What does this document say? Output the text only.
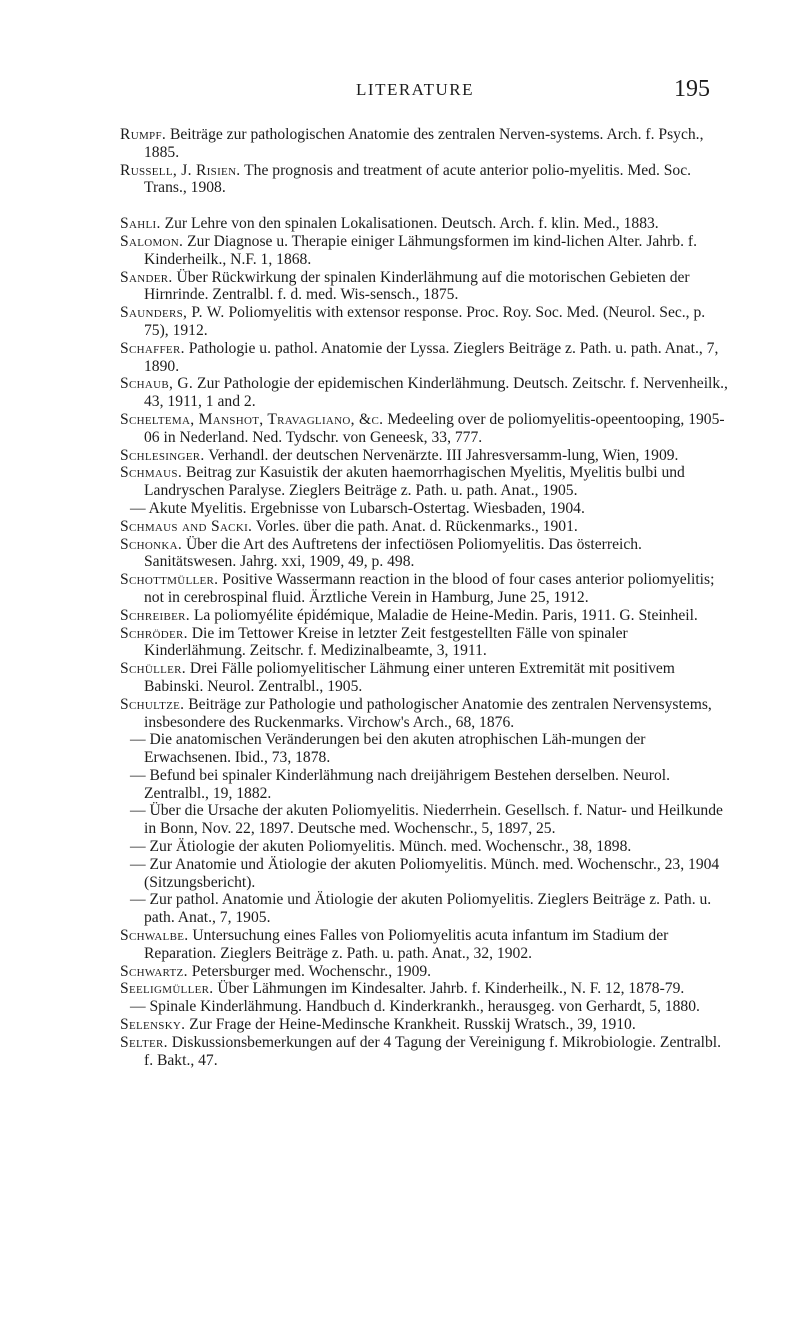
LITERATURE	195

Rumpf. Beiträge zur pathologischen Anatomie des zentralen Nerven-systems. Arch. f. Psych., 1885.

Russell, J. Risien. The prognosis and treatment of acute anterior polio-myelitis. Med. Soc. Trans., 1908.

Sahli. Zur Lehre von den spinalen Lokalisationen. Deutsch. Arch. f. klin. Med., 1883.

Salomon. Zur Diagnose u. Therapie einiger Lähmungsformen im kind-lichen Alter. Jahrb. f. Kinderheilk., N.F. 1, 1868.

Sander. Über Rückwirkung der spinalen Kinderlähmung auf die motorischen Gebieten der Hirnrinde. Zentralbl. f. d. med. Wis-sensch., 1875.

Saunders, P. W. Poliomyelitis with extensor response. Proc. Roy. Soc. Med. (Neurol. Sec., p. 75), 1912.

Schaffer. Pathologie u. pathol. Anatomie der Lyssa. Zieglers Beiträge z. Path. u. path. Anat., 7, 1890.

Schaub, G. Zur Pathologie der epidemischen Kinderlähmung. Deutsch. Zeitschr. f. Nervenheilk., 43, 1911, 1 and 2.

Scheltema, Manshot, Travagliano, &c. Medeeling over de poliomyelitis-opeentooping, 1905-06 in Nederland. Ned. Tydschr. von Geneesk, 33, 777.

Schlesinger. Verhandl. der deutschen Nervenärzte. III Jahresversamm-lung, Wien, 1909.

Schmaus. Beitrag zur Kasuistik der akuten haemorrhagischen Myelitis, Myelitis bulbi und Landryschen Paralyse. Zieglers Beiträge z. Path. u. path. Anat., 1905.

— Akute Myelitis. Ergebnisse von Lubarsch-Ostertag. Wiesbaden, 1904.

Schmaus and Sacki. Vorles. über die path. Anat. d. Rückenmarks., 1901.

Schonka. Über die Art des Auftretens der infectiösen Poliomyelitis. Das österreich. Sanitätswesen. Jahrg. xxi, 1909, 49, p. 498.

Schottmüller. Positive Wassermann reaction in the blood of four cases anterior poliomyelitis; not in cerebrospinal fluid. Ärztliche Verein in Hamburg, June 25, 1912.

Schreiber. La poliomyélite épidémique, Maladie de Heine-Medin. Paris, 1911. G. Steinheil.

Schröder. Die im Tettower Kreise in letzter Zeit festgestellten Fälle von spinaler Kinderlähmung. Zeitschr. f. Medizinalbeamte, 3, 1911.

Schüller. Drei Fälle poliomyelitischer Lähmung einer unteren Extremität mit positivem Babinski. Neurol. Zentralbl., 1905.

Schultze. Beiträge zur Pathologie und pathologischer Anatomie des zentralen Nervensystems, insbesondere des Ruckenmarks. Virchow's Arch., 68, 1876.

— Die anatomischen Veränderungen bei den akuten atrophischen Läh-mungen der Erwachsenen. Ibid., 73, 1878.

— Befund bei spinaler Kinderlähmung nach dreijährigem Bestehen derselben. Neurol. Zentralbl., 19, 1882.

— Über die Ursache der akuten Poliomyelitis. Niederrhein. Gesellsch. f. Natur- und Heilkunde in Bonn, Nov. 22, 1897. Deutsche med. Wochenschr., 5, 1897, 25.

— Zur Ätiologie der akuten Poliomyelitis. Münch. med. Wochenschr., 38, 1898.

— Zur Anatomie und Ätiologie der akuten Poliomyelitis. Münch. med. Wochenschr., 23, 1904 (Sitzungsbericht).

— Zur pathol. Anatomie und Ätiologie der akuten Poliomyelitis. Zieglers Beiträge z. Path. u. path. Anat., 7, 1905.

Schwalbe. Untersuchung eines Falles von Poliomyelitis acuta infantum im Stadium der Reparation. Zieglers Beiträge z. Path. u. path. Anat., 32, 1902.

Schwartz. Petersburger med. Wochenschr., 1909.

Seeligmüller. Über Lähmungen im Kindesalter. Jahrb. f. Kinderheilk., N. F. 12, 1878-79.

— Spinale Kinderlähmung. Handbuch d. Kinderkrankh., herausgeg. von Gerhardt, 5, 1880.

Selensky. Zur Frage der Heine-Medinsche Krankheit. Russkij Wratsch., 39, 1910.

Selter. Diskussionsbemerkungen auf der 4 Tagung der Vereinigung f. Mikrobiologie. Zentralbl. f. Bakt., 47.
